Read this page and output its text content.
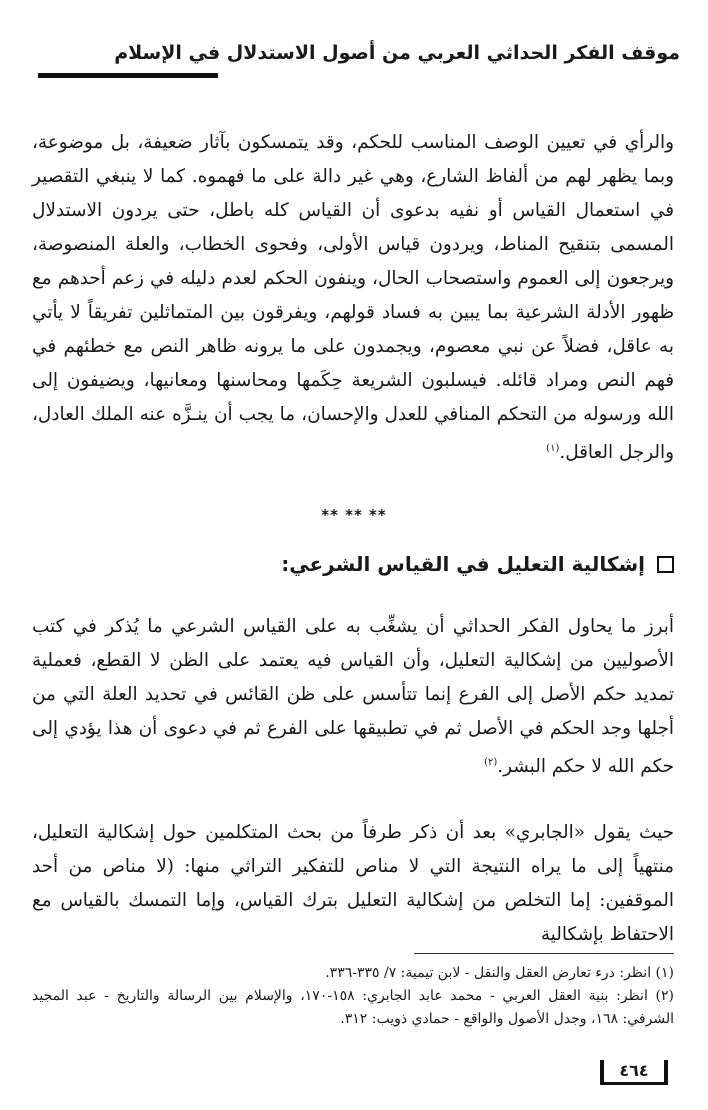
موقف الفكر الحداثي العربي من أصول الاستدلال في الإسلام

والرأي في تعيين الوصف المناسب للحكم، وقد يتمسكون بآثار ضعيفة، بل موضوعة، وبما يظهر لهم من ألفاظ الشارع، وهي غير دالة على ما فهموه. كما لا ينبغي التقصير في استعمال القياس أو نفيه بدعوى أن القياس كله باطل، حتى يردون الاستدلال المسمى بتنقيح المناط، ويردون قياس الأولى، وفحوى الخطاب، والعلة المنصوصة، ويرجعون إلى العموم واستصحاب الحال، وينفون الحكم لعدم دليله في زعم أحدهم مع ظهور الأدلة الشرعية بما يبين به فساد قولهم، ويفرقون بين المتماثلين تفريقاً لا يأتي به عاقل، فضلاً عن نبي معصوم، ويجمدون على ما يرونه ظاهر النص مع خطئهم في فهم النص ومراد قائله. فيسلبون الشريعة حِكَمها ومحاسنها ومعانيها، ويضيفون إلى الله ورسوله من التحكم المنافي للعدل والإحسان، ما يجب أن ينـزَّه عنه الملك العادل، والرجل العاقل.$^{(١)}$

** ** **
إشكالية التعليل في القياس الشرعي:

أبرز ما يحاول الفكر الحداثي أن يشغِّب به على القياس الشرعي ما يُذكر في كتب الأصوليين من إشكالية التعليل، وأن القياس فيه يعتمد على الظن لا القطع، فعملية تمديد حكم الأصل إلى الفرع إنما تتأسس على ظن القائس في تحديد العلة التي من أجلها وجد الحكم في الأصل ثم في تطبيقها على الفرع ثم في دعوى أن هذا يؤدي إلى حكم الله لا حكم البشر.$^{(٢)}$

حيث يقول «الجابري» بعد أن ذكر طرفاً من بحث المتكلمين حول إشكالية التعليل، منتهياً إلى ما يراه النتيجة التي لا مناص للتفكير التراثي منها: (لا مناص من أحد الموقفين: إما التخلص من إشكالية التعليل بترك القياس، وإما التمسك بالقياس مع الاحتفاظ بإشكالية

(١) انظر: درء تعارض العقل والنقل - لابن تيمية: ٧/ ٣٣٥-٣٣٦.

(٢) انظر: بنية العقل العربي - محمد عابد الجابري: ١٥٨-١٧٠، والإسلام بين الرسالة والتاريخ - عبد المجيد الشرفي: ١٦٨، وجدل الأصول والواقع - حمادي ذويب: ٣١٢.

٤٦٤
